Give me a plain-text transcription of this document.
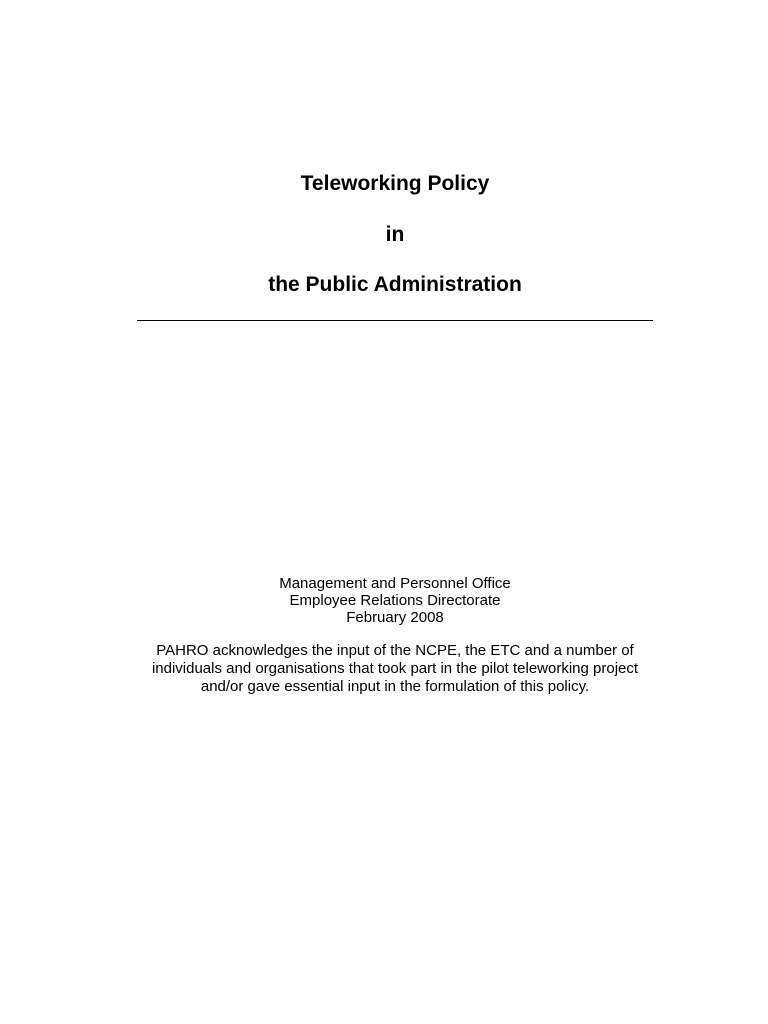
Teleworking Policy
in
the Public Administration
Management and Personnel Office
Employee Relations Directorate
February 2008
PAHRO acknowledges the input of the NCPE, the ETC and a number of
individuals and organisations that took part in the pilot teleworking project
and/or gave essential input in the formulation of this policy.
